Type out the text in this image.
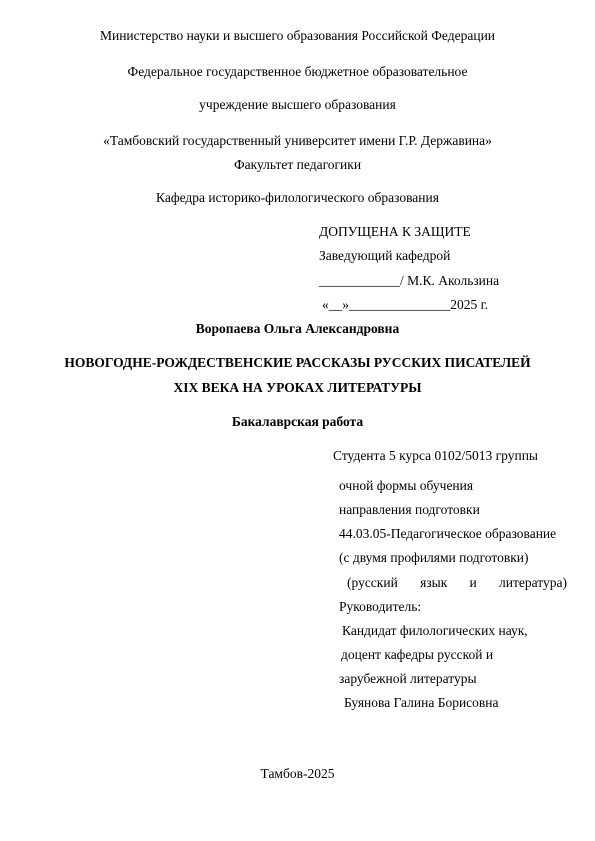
Министерство науки и высшего образования Российской Федерации
Федеральное государственное бюджетное образовательное
учреждение высшего образования
«Тамбовский государственный университет имени Г.Р. Державина»
Факультет педагогики
Кафедра историко-филологического образования
ДОПУЩЕНА К ЗАЩИТЕ
Заведующий кафедрой
____________/ М.К. Акользина
«__»_______________2025 г.
Воропаева Ольга Александровна
НОВОГОДНЕ-РОЖДЕСТВЕНСКИЕ РАССКАЗЫ РУССКИХ ПИСАТЕЛЕЙ
XIX ВЕКА НА УРОКАХ ЛИТЕРАТУРЫ
Бакалаврская работа
Студента 5 курса 0102/5013 группы
очной формы обучения
направления подготовки
44.03.05-Педагогическое образование
(с двумя профилями подготовки)
(русский язык и литература)
Руководитель:
Кандидат филологических наук,
доцент кафедры русской и
зарубежной литературы
Буянова Галина Борисовна
Тамбов-2025
